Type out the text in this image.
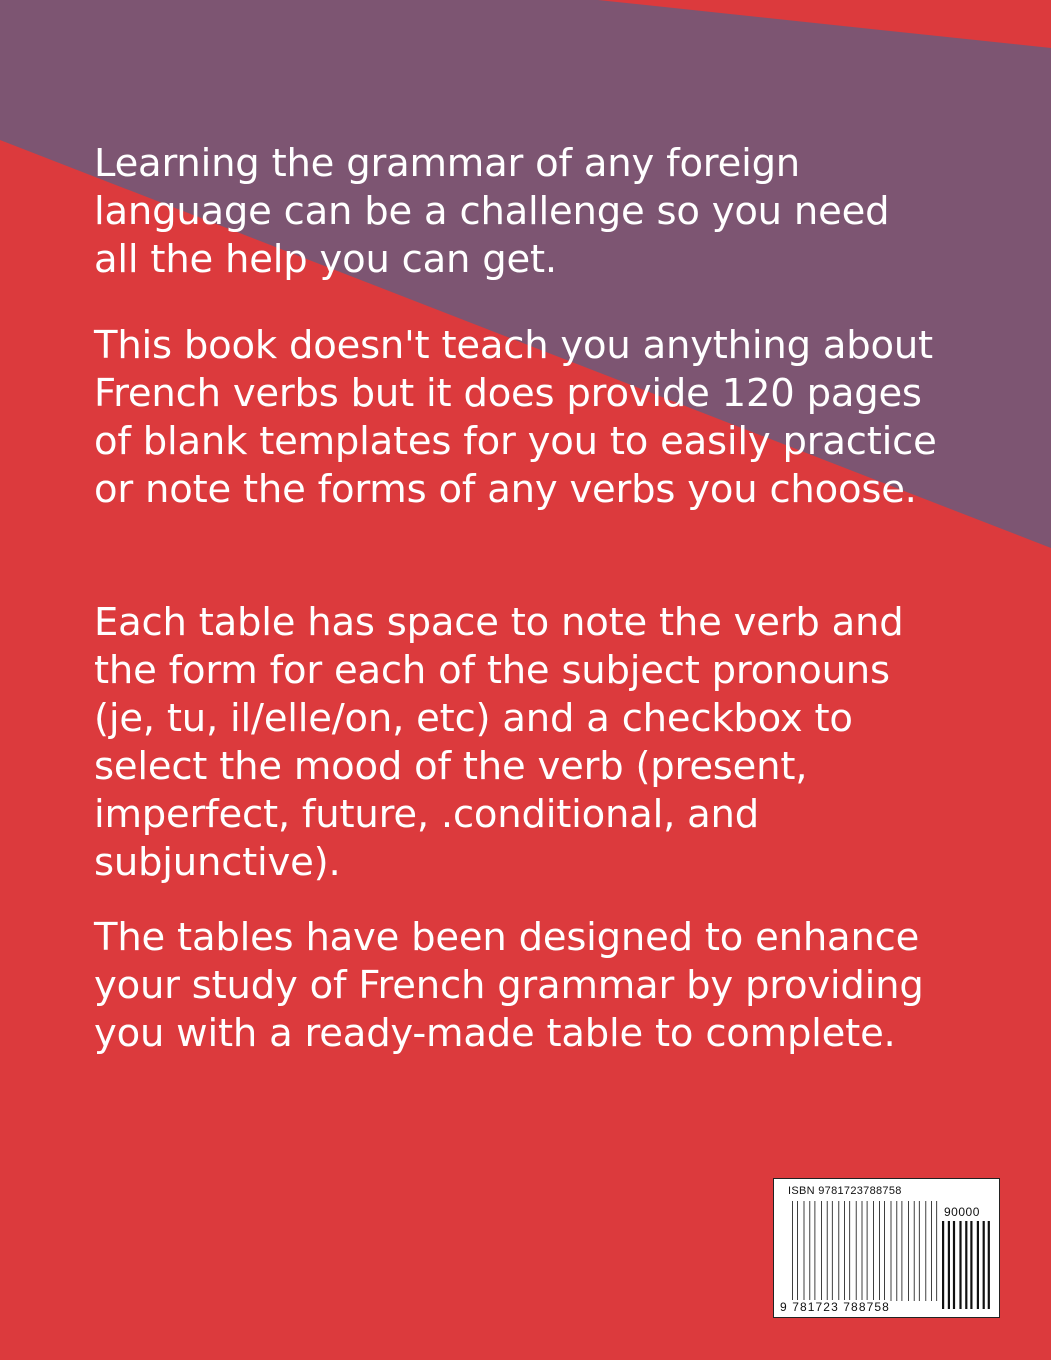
Learning the grammar of any foreign
language can be a challenge so you need
all the help you can get.

This book doesn't teach you anything about
French verbs but it does provide 120 pages
of blank templates for you to easily practice
or note the forms of any verbs you choose.

Each table has space to note the verb and
the form for each of the subject pronouns
(je, tu, il/elle/on, etc) and a checkbox to
select the mood of the verb (present,
imperfect, future, .conditional, and
subjunctive).

The tables have been designed to enhance
your study of French grammar by providing
you with a ready-made table to complete.

ISBN 9781723788758
90000
9 781723 788758
